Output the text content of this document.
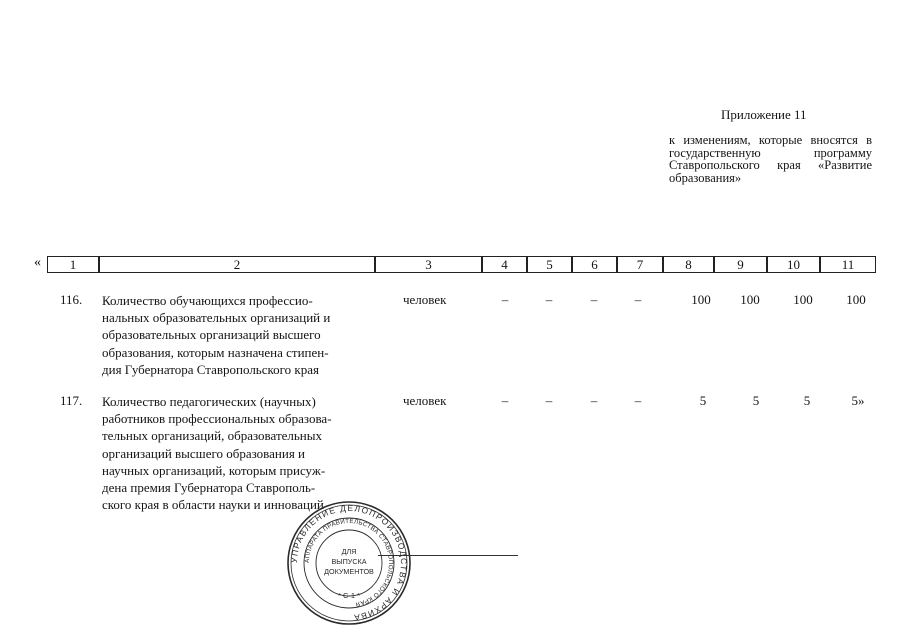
Приложение 11
к изменениям, которые вносятся в государственную программу Ставропольского края «Развитие образования»
«	1	2	3	4	5	6	7	8	9	10	11
116. Количество обучающихся профессио-
нальных образовательных организаций и
образовательных организаций высшего
образования, которым назначена стипен-
дия Губернатора Ставропольского края
человек	–	–	–	–	100	100	100	100
117. Количество педагогических (научных)
работников профессиональных образова-
тельных организаций, образовательных
организаций высшего образования и
научных организаций, которым присуж-
дена премия Губернатора Ставрополь-
ского края в области науки и инноваций
человек	–	–	–	–	5	5	5	5»
УПРАВЛЕНИЕ ДЕЛОПРОИЗВОДСТВА И АРХИВА
АППАРАТА ПРАВИТЕЛЬСТВА СТАВРОПОЛЬСКОГО КРАЯ
ДЛЯ
ВЫПУСКА
ДОКУМЕНТОВ
* С-1 *
